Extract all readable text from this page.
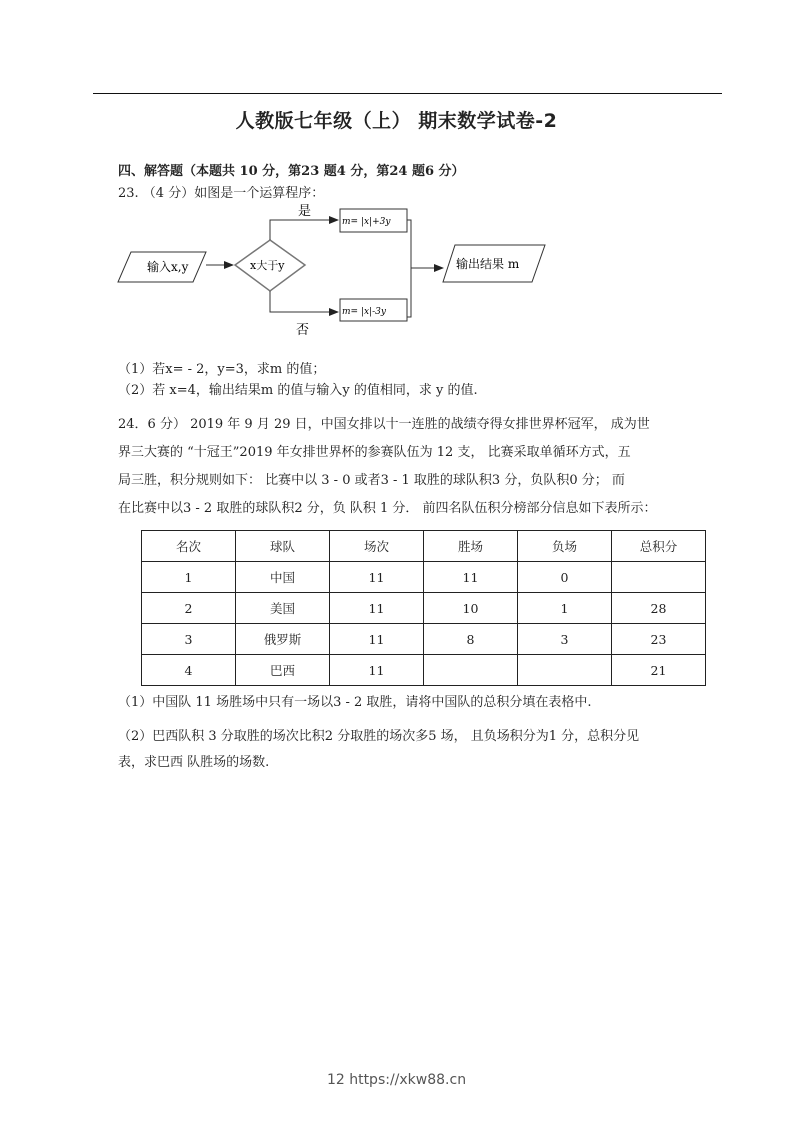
人教版七年级（上） 期末数学试卷-2
四、解答题（本题共 10 分，第23 题4 分，第24 题6 分）
23. （4 分）如图是一个运算程序：
输入x,y	x大于y
是
否
m= |x|+3y
m= |x|-3y
输出结果 m
（1）若x= - 2，y=3，求m 的值；
（2）若 x=4，输出结果m 的值与输入y 的值相同，求 y 的值.
24．6 分） 2019 年 9 月 29 日，中国女排以十一连胜的战绩夺得女排世界杯冠军， 成为世
界三大赛的 “十冠王”2019 年女排世界杯的参赛队伍为 12 支， 比赛采取单循环方式，五
局三胜，积分规则如下： 比赛中以 3 - 0 或者3 - 1 取胜的球队积3 分，负队积0 分； 而
在比赛中以3 - 2 取胜的球队积2 分，负 队积 1 分． 前四名队伍积分榜部分信息如下表所示：
名次	球队	场次	胜场	负场	总积分
1	中国	11	11	0	
2	美国	11	10	1	28
3	俄罗斯	11	8	3	23
4	巴西	11			21
（1）中国队 11 场胜场中只有一场以3 - 2 取胜，请将中国队的总积分填在表格中.
（2）巴西队积 3 分取胜的场次比积2 分取胜的场次多5 场， 且负场积分为1 分，总积分见
表，求巴西 队胜场的场数.
12 https://xkw88.cn
